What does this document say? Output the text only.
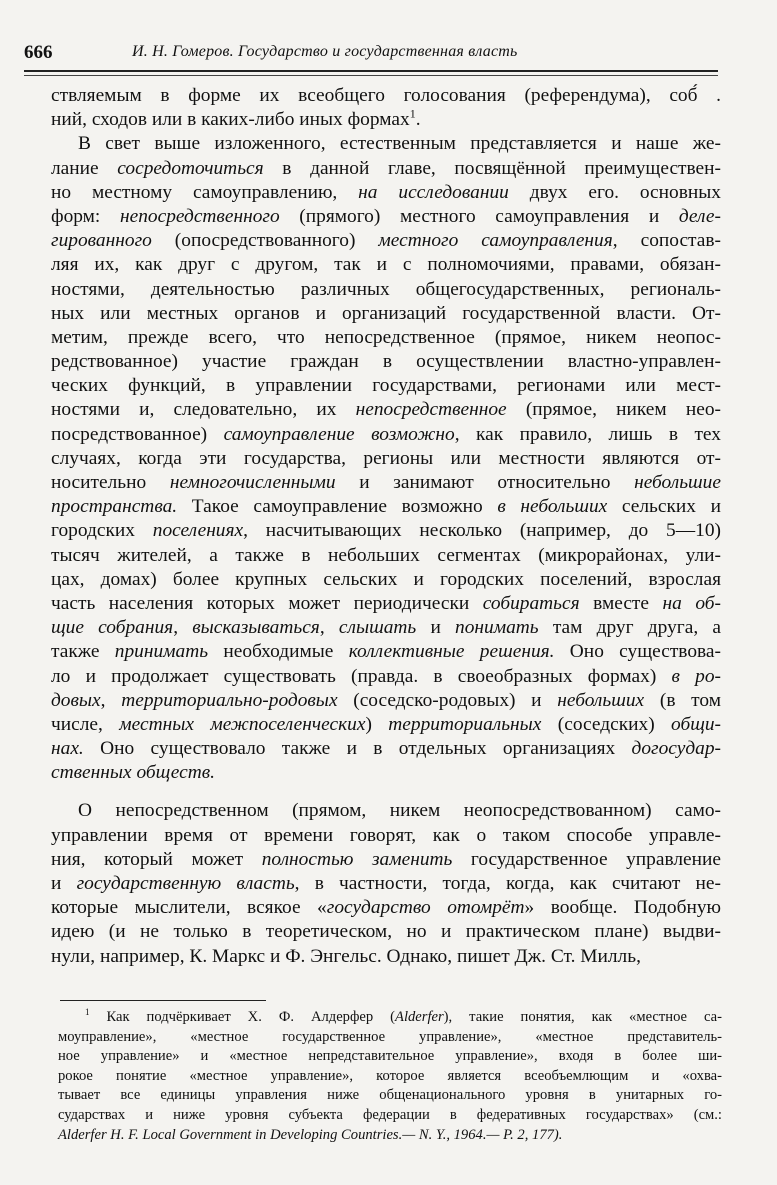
666	И. Н. Гомеров. Государство и государственная власть
ствляемым в форме их всеобщего голосования (референдума), соб́ .
ний, сходов или в каких-либо иных формах$^1$.
В свет выше изложенного, естественным представляется и наше же-
лание сосредоточиться в данной главе, посвящённой преимуществен-
но местному самоуправлению, на исследовании двух его. основных
форм: непосредственного (прямого) местного самоуправления и деле-
гированного (опосредствованного) местного самоуправления, сопостав-
ляя их, как друг с другом, так и с полномочиями, правами, обязан-
ностями, деятельностью различных общегосударственных, региональ-
ных или местных органов и организаций государственной власти. От-
метим, прежде всего, что непосредственное (прямое, никем неопос-
редствованное) участие граждан в осуществлении властно-управлен-
ческих функций, в управлении государствами, регионами или мест-
ностями и, следовательно, их непосредственное (прямое, никем нео-
посредствованное) самоуправление возможно, как правило, лишь в тех
случаях, когда эти государства, регионы или местности являются от-
носительно немногочисленными и занимают относительно небольшие
пространства. Такое самоуправление возможно в небольших сельских и
городских поселениях, насчитывающих несколько (например, до 5—10)
тысяч жителей, а также в небольших сегментах (микрорайонах, ули-
цах, домах) более крупных сельских и городских поселений, взрослая
часть населения которых может периодически собираться вместе на об-
щие собрания, высказываться, слышать и понимать там друг друга, а
также принимать необходимые коллективные решения. Оно существова-
ло и продолжает существовать (правда. в своеобразных формах) в ро-
довых, территориально-родовых (соседско-родовых) и небольших (в том
числе, местных межпоселенческих) территориальных (соседских) общи-
нах. Оно существовало также и в отдельных организациях догосудар-
ственных обществ.
О непосредственном (прямом, никем неопосредствованном) само-
управлении время от времени говорят, как о таком способе управле-
ния, который может полностью заменить государственное управление
и государственную власть, в частности, тогда, когда, как считают не-
которые мыслители, всякое «государство отомрёт» вообще. Подобную
идею (и не только в теоретическом, но и практическом плане) выдви-
нули, например, К. Маркс и Ф. Энгельс. Однако, пишет Дж. Ст. Милль,
$^1$ Как подчёркивает Х. Ф. Алдерфер (Alderfer), такие понятия, как «местное са-
моуправление», «местное государственное управление», «местное представитель-
ное управление» и «местное непредставительное управление», входя в более ши-
рокое понятие «местное управление», которое является всеобъемлющим и «охва-
тывает все единицы управления ниже общенационального уровня в унитарных го-
сударствах и ниже уровня субъекта федерации в федеративных государствах» (см.:
Alderfer H. F. Local Government in Developing Countries.— N. Y., 1964.— P. 2, 177).
